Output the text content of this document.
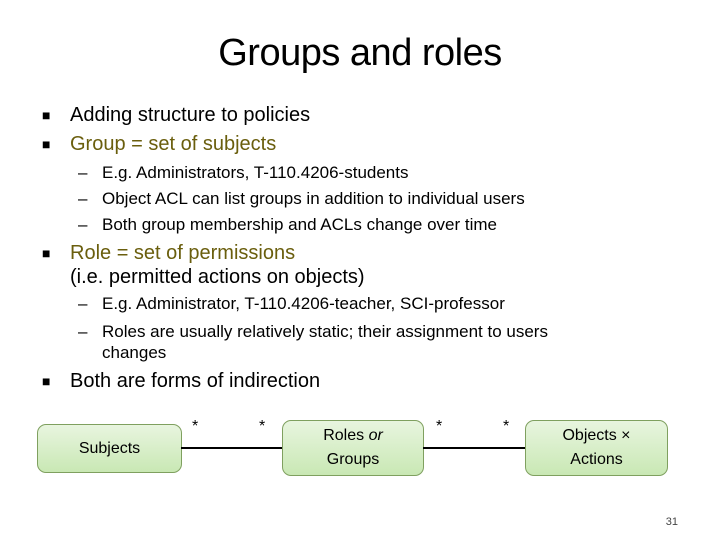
Groups and roles
■ Adding structure to policies
■ Group = set of subjects
– E.g. Administrators, T-110.4206-students
– Object ACL can list groups in addition to individual users
– Both group membership and ACLs change over time
■ Role = set of permissions
(i.e. permitted actions on objects)
– E.g. Administrator, T-110.4206-teacher, SCI-professor
– Roles are usually relatively static; their assignment to users
changes
■ Both are forms of indirection
Subjects
*	*
Roles or
Groups
*	*
Objects ×
Actions
31
